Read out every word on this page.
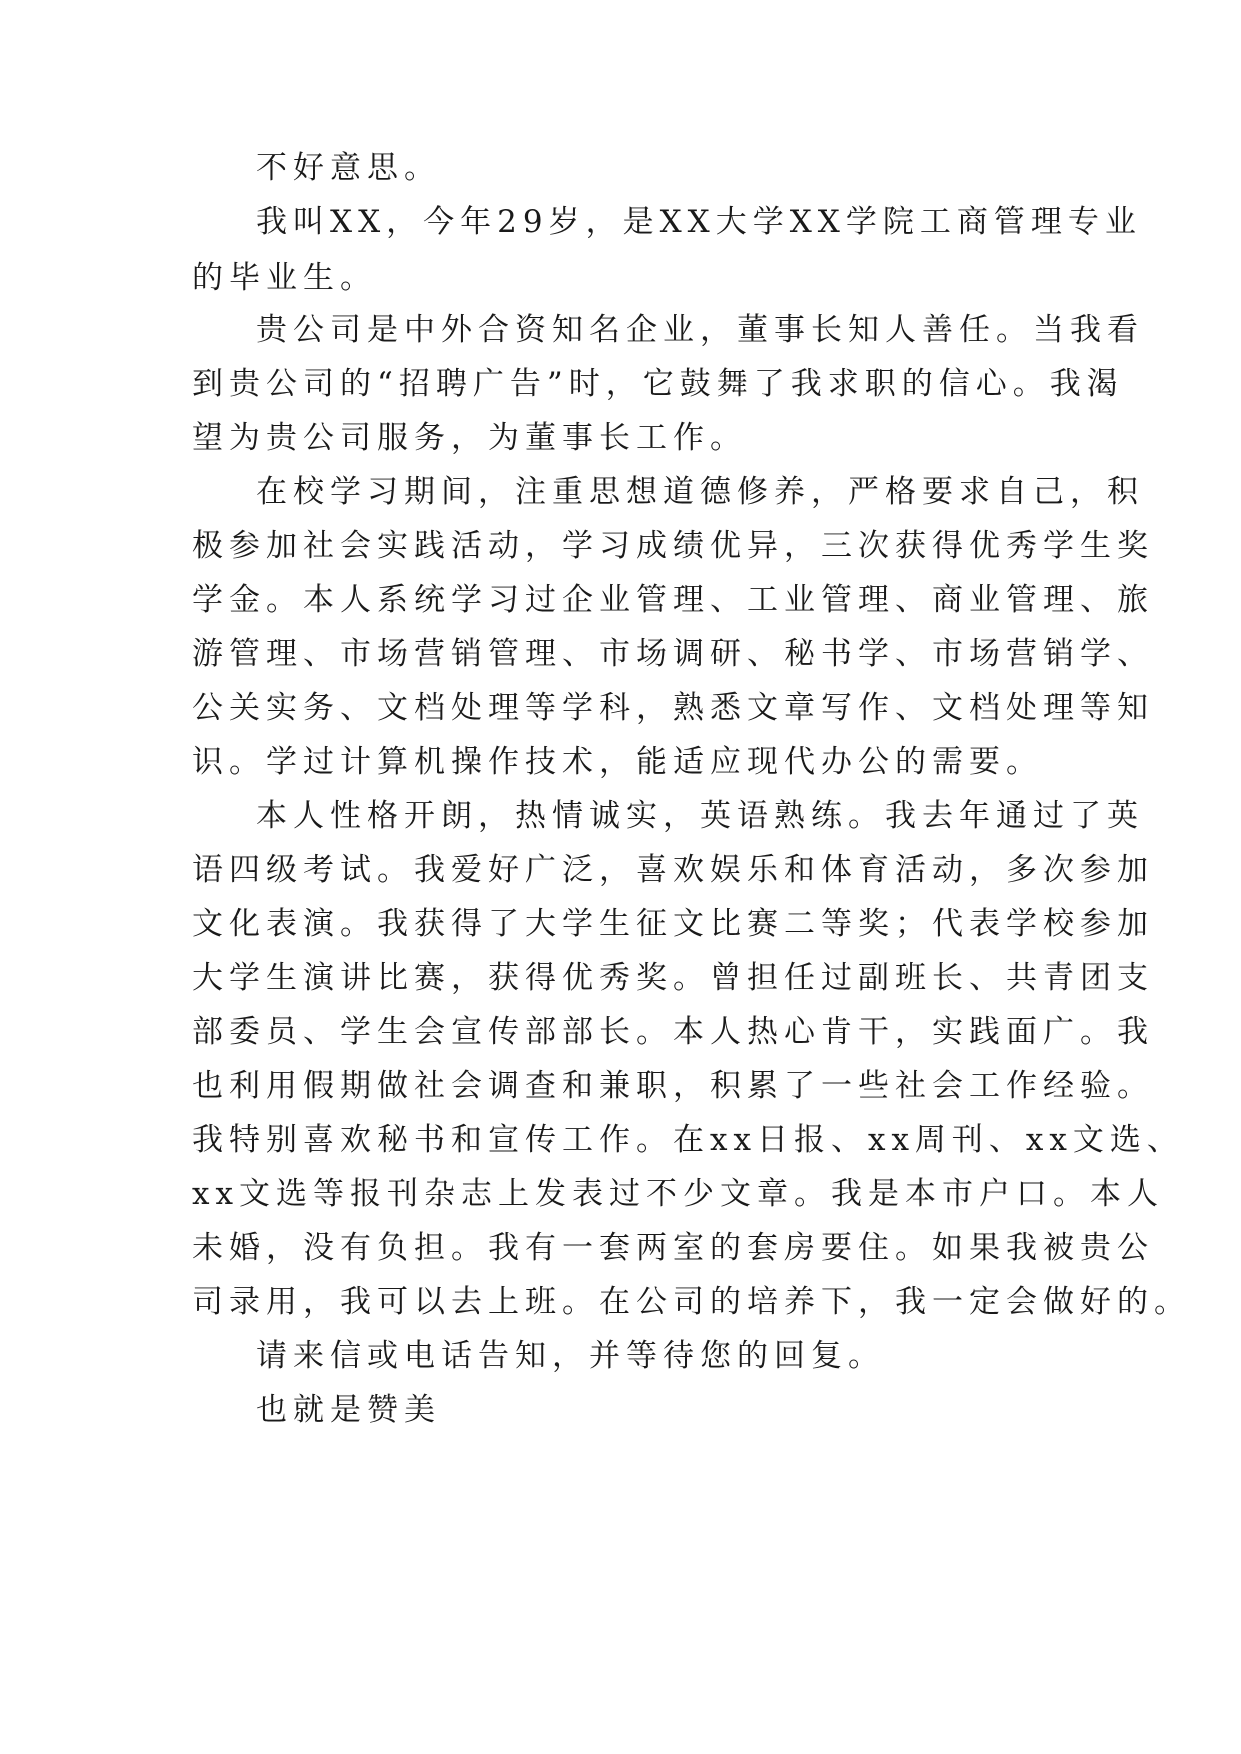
不好意思。
我叫XX，今年29岁，是XX大学XX学院工商管理专业
的毕业生。
贵公司是中外合资知名企业，董事长知人善任。当我看
到贵公司的“招聘广告”时，它鼓舞了我求职的信心。我渴
望为贵公司服务，为董事长工作。
在校学习期间，注重思想道德修养，严格要求自己，积
极参加社会实践活动，学习成绩优异，三次获得优秀学生奖
学金。本人系统学习过企业管理、工业管理、商业管理、旅
游管理、市场营销管理、市场调研、秘书学、市场营销学、
公关实务、文档处理等学科，熟悉文章写作、文档处理等知
识。学过计算机操作技术，能适应现代办公的需要。
本人性格开朗，热情诚实，英语熟练。我去年通过了英
语四级考试。我爱好广泛，喜欢娱乐和体育活动，多次参加
文化表演。我获得了大学生征文比赛二等奖；代表学校参加
大学生演讲比赛，获得优秀奖。曾担任过副班长、共青团支
部委员、学生会宣传部部长。本人热心肯干，实践面广。我
也利用假期做社会调查和兼职，积累了一些社会工作经验。
我特别喜欢秘书和宣传工作。在xx日报、xx周刊、xx文选、
xx文选等报刊杂志上发表过不少文章。我是本市户口。本人
未婚，没有负担。我有一套两室的套房要住。如果我被贵公
司录用，我可以去上班。在公司的培养下，我一定会做好的。
请来信或电话告知，并等待您的回复。
也就是赞美
